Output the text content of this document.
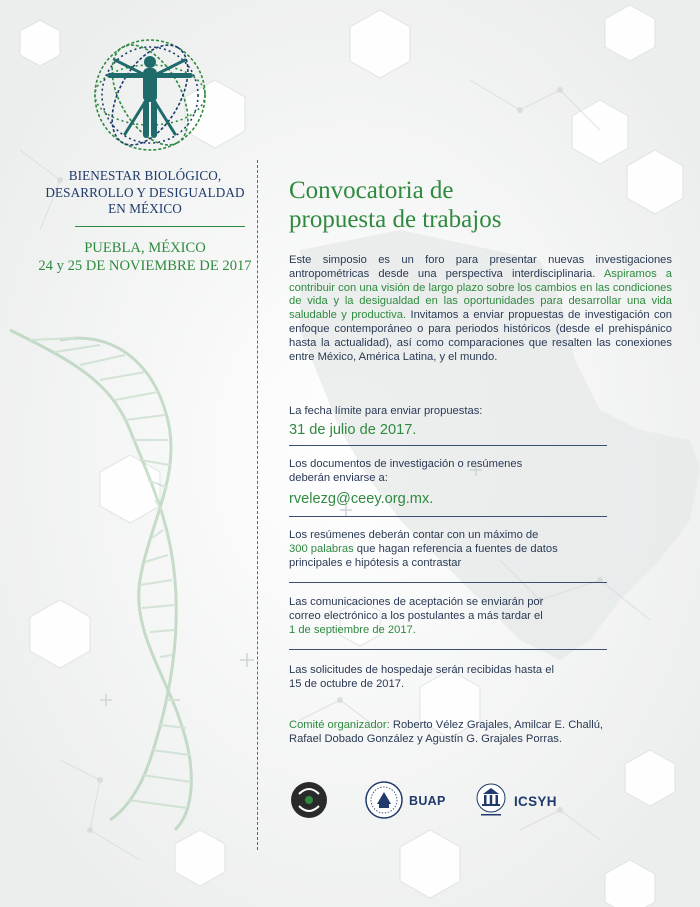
BIENESTAR BIOLÓGICO,
DESARROLLO Y DESIGUALDAD
EN MÉXICO
PUEBLA, MÉXICO
24 y 25 DE NOVIEMBRE DE 2017
Convocatoria de
propuesta de trabajos
Este simposio es un foro para presentar nuevas investigaciones antropométricas desde una perspectiva interdisciplinaria. Aspiramos a contribuir con una visión de largo plazo sobre los cambios en las condiciones de vida y la desigualdad en las oportunidades para desarrollar una vida saludable y productiva. Invitamos a enviar propuestas de investigación con enfoque contemporáneo o para periodos históricos (desde el prehispánico hasta la actualidad), así como comparaciones que resalten las conexiones entre México, América Latina, y el mundo.
La fecha límite para enviar propuestas:
31 de julio de 2017.
Los documentos de investigación o resúmenes
deberán enviarse a:
rvelezg@ceey.org.mx.
Los resúmenes deberán contar con un máximo de
300 palabras que hagan referencia a fuentes de datos
principales e hipótesis a contrastar
Las comunicaciones de aceptación se enviarán por
correo electrónico a los postulantes a más tardar el
1 de septiembre de 2017.
Las solicitudes de hospedaje serán recibidas hasta el
15 de octubre de 2017.
Comité organizador: Roberto Vélez Grajales, Amilcar E. Challú,
Rafael Dobado González y Agustín G. Grajales Porras.
BUAP	ICSYH
